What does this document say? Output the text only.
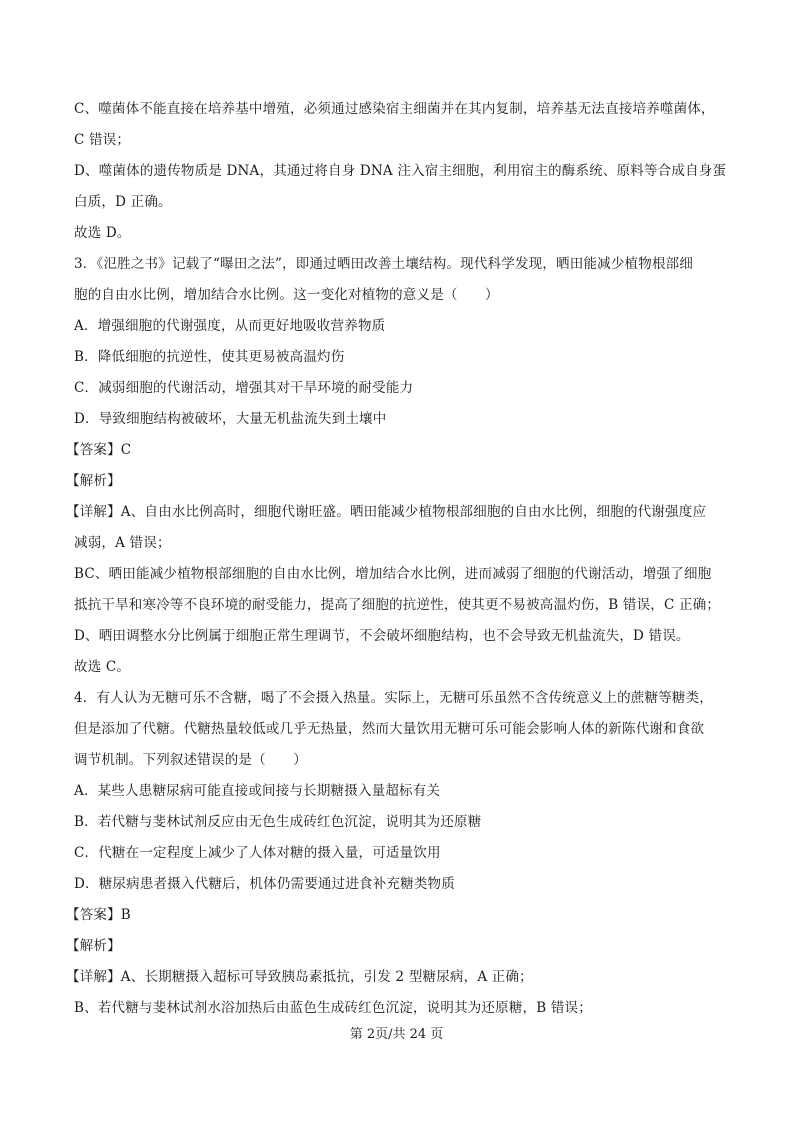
C、噬菌体不能直接在培养基中增殖，必须通过感染宿主细菌并在其内复制，培养基无法直接培养噬菌体，
C 错误；
D、噬菌体的遗传物质是 DNA，其通过将自身 DNA 注入宿主细胞，利用宿主的酶系统、原料等合成自身蛋
白质，D 正确。
故选 D。
3．《氾胜之书》记载了“曝田之法”，即通过晒田改善土壤结构。现代科学发现，晒田能减少植物根部细
胞的自由水比例，增加结合水比例。这一变化对植物的意义是（　　）
A．增强细胞的代谢强度，从而更好地吸收营养物质
B．降低细胞的抗逆性，使其更易被高温灼伤
C．减弱细胞的代谢活动，增强其对干旱环境的耐受能力
D．导致细胞结构被破坏，大量无机盐流失到土壤中
【答案】C
【解析】
【详解】A、自由水比例高时，细胞代谢旺盛。晒田能减少植物根部细胞的自由水比例，细胞的代谢强度应
减弱，A 错误；
BC、晒田能减少植物根部细胞的自由水比例，增加结合水比例，进而减弱了细胞的代谢活动，增强了细胞
抵抗干旱和寒冷等不良环境的耐受能力，提高了细胞的抗逆性，使其更不易被高温灼伤，B 错误，C 正确；
D、晒田调整水分比例属于细胞正常生理调节，不会破坏细胞结构，也不会导致无机盐流失，D 错误。
故选 C。
4．有人认为无糖可乐不含糖，喝了不会摄入热量。实际上，无糖可乐虽然不含传统意义上的蔗糖等糖类，
但是添加了代糖。代糖热量较低或几乎无热量，然而大量饮用无糖可乐可能会影响人体的新陈代谢和食欲
调节机制。下列叙述错误的是（　　）
A．某些人患糖尿病可能直接或间接与长期糖摄入量超标有关
B．若代糖与斐林试剂反应由无色生成砖红色沉淀，说明其为还原糖
C．代糖在一定程度上减少了人体对糖的摄入量，可适量饮用
D．糖尿病患者摄入代糖后，机体仍需要通过进食补充糖类物质
【答案】B
【解析】
【详解】A、长期糖摄入超标可导致胰岛素抵抗，引发 2 型糖尿病，A 正确；
B、若代糖与斐林试剂水浴加热后由蓝色生成砖红色沉淀，说明其为还原糖，B 错误；
第 2页/共 24 页
